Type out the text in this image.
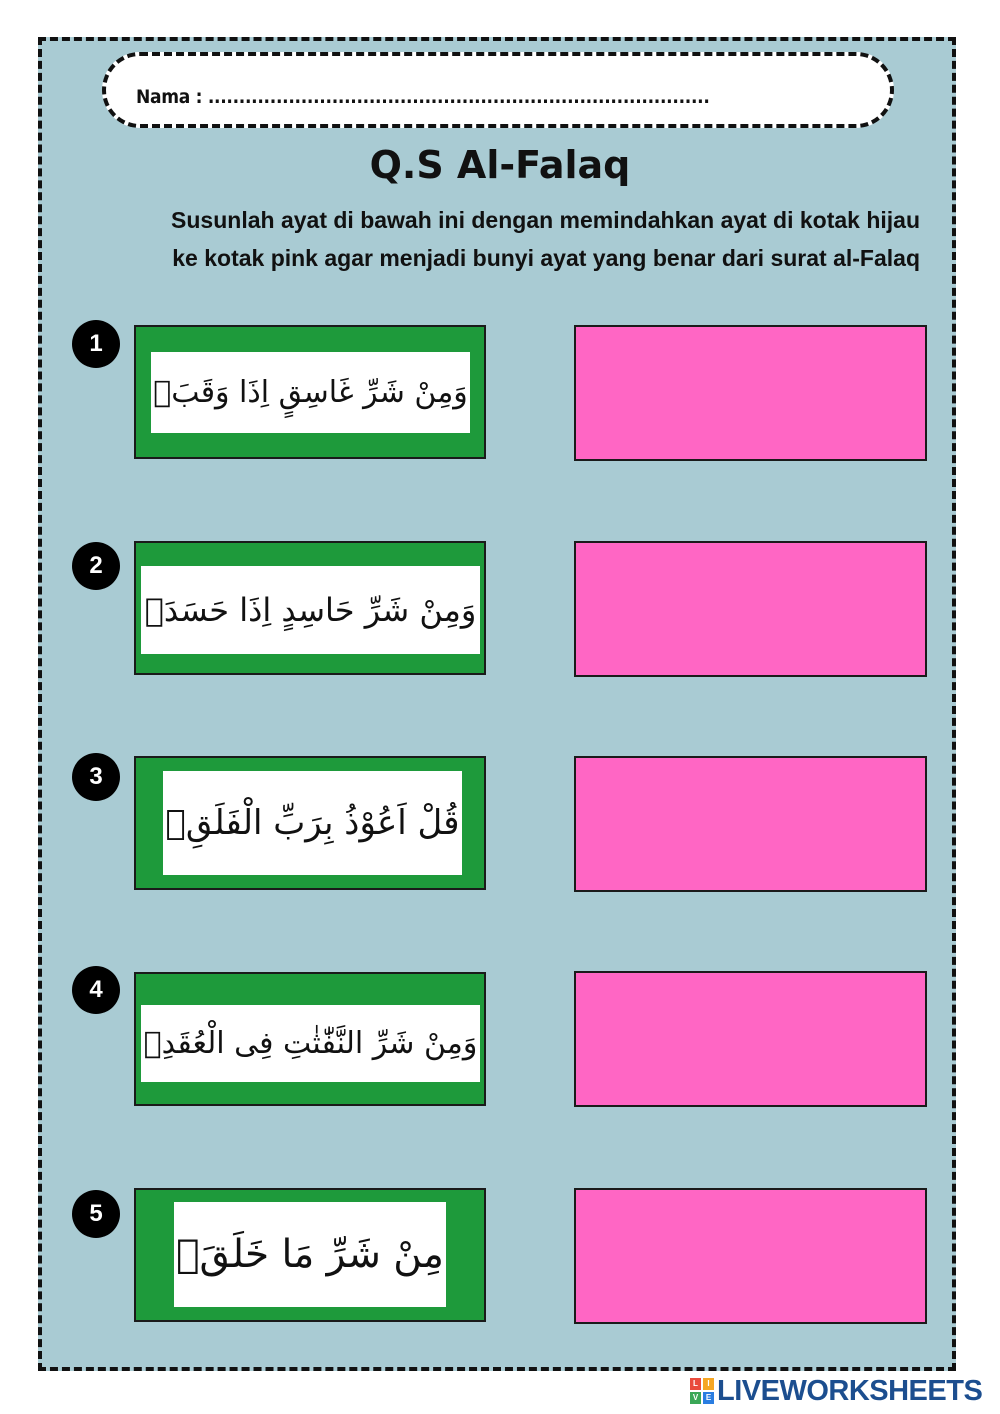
Nama : .................................................................................
Q.S Al-Falaq
Susunlah ayat di bawah ini dengan memindahkan ayat di kotak hijau
ke kotak pink agar menjadi bunyi ayat yang benar dari surat al-Falaq
1
وَمِنْ شَرِّ غَاسِقٍ اِذَا وَقَبَۙ
2
وَمِنْ شَرِّ حَاسِدٍ اِذَا حَسَدَࣖ
3
قُلْ اَعُوْذُ بِرَبِّ الْفَلَقِۙ
4
وَمِنْ شَرِّ النَّفّٰثٰتِ فِى الْعُقَدِۙ
5
مِنْ شَرِّ مَا خَلَقَۙ
L	I
V E LIVEWORKSHEETS
